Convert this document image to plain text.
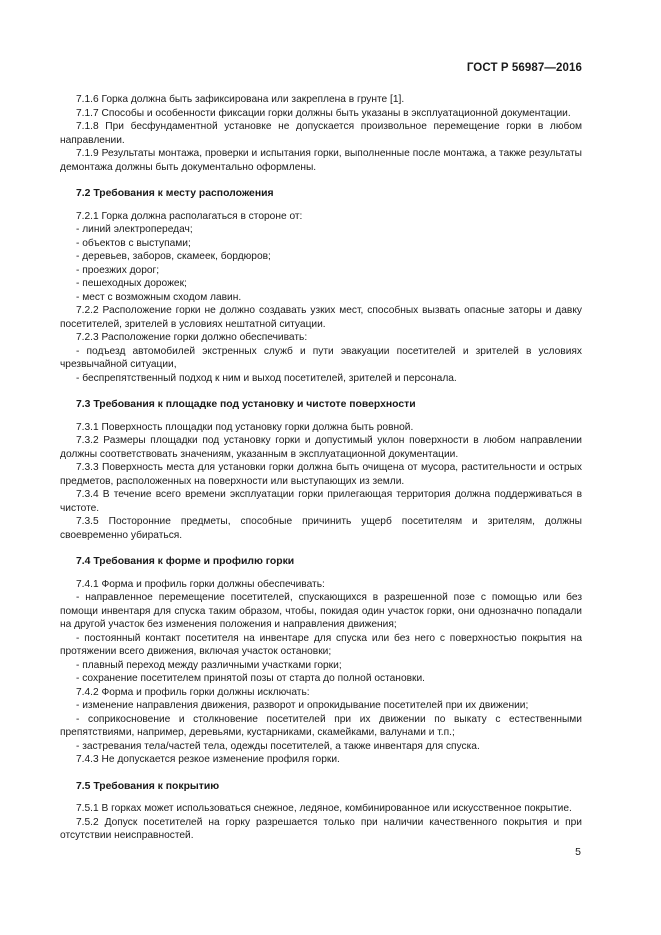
ГОСТ Р 56987—2016

7.1.6 Горка должна быть зафиксирована или закреплена в грунте [1].

7.1.7 Способы и особенности фиксации горки должны быть указаны в эксплуатационной документации.

7.1.8 При бесфундаментной установке не допускается произвольное перемещение горки в любом направлении.

7.1.9 Результаты монтажа, проверки и испытания горки, выполненные после монтажа, а также результаты демонтажа должны быть документально оформлены.

7.2 Требования к месту расположения

7.2.1 Горка должна располагаться в стороне от:

- линий электропередач;

- объектов с выступами;

- деревьев, заборов, скамеек, бордюров;

- проезжих дорог;

- пешеходных дорожек;

- мест с возможным сходом лавин.

7.2.2 Расположение горки не должно создавать узких мест, способных вызвать опасные заторы и давку посетителей, зрителей в условиях нештатной ситуации.

7.2.3 Расположение горки должно обеспечивать:

- подъезд автомобилей экстренных служб и пути эвакуации посетителей и зрителей в условиях чрезвычайной ситуации,

- беспрепятственный подход к ним и выход посетителей, зрителей и персонала.

7.3 Требования к площадке под установку и чистоте поверхности

7.3.1 Поверхность площадки под установку горки должна быть ровной.

7.3.2 Размеры площадки под установку горки и допустимый уклон поверхности в любом направлении должны соответствовать значениям, указанным в эксплуатационной документации.

7.3.3 Поверхность места для установки горки должна быть очищена от мусора, растительности и острых предметов, расположенных на поверхности или выступающих из земли.

7.3.4 В течение всего времени эксплуатации горки прилегающая территория должна поддерживаться в чистоте.

7.3.5 Посторонние предметы, способные причинить ущерб посетителям и зрителям, должны своевременно убираться.

7.4 Требования к форме и профилю горки

7.4.1 Форма и профиль горки должны обеспечивать:

- направленное перемещение посетителей, спускающихся в разрешенной позе с помощью или без помощи инвентаря для спуска таким образом, чтобы, покидая один участок горки, они однозначно попадали на другой участок без изменения положения и направления движения;

- постоянный контакт посетителя на инвентаре для спуска или без него с поверхностью покрытия на протяжении всего движения, включая участок остановки;

- плавный переход между различными участками горки;

- сохранение посетителем принятой позы от старта до полной остановки.

7.4.2 Форма и профиль горки должны исключать:

- изменение направления движения, разворот и опрокидывание посетителей при их движении;

- соприкосновение и столкновение посетителей при их движении по выкату с естественными препятствиями, например, деревьями, кустарниками, скамейками, валунами и т.п.;

- застревания тела/частей тела, одежды посетителей, а также инвентаря для спуска.

7.4.3 Не допускается резкое изменение профиля горки.

7.5 Требования к покрытию

7.5.1 В горках может использоваться снежное, ледяное, комбинированное или искусственное покрытие.

7.5.2 Допуск посетителей на горку разрешается только при наличии качественного покрытия и при отсутствии неисправностей.

5
